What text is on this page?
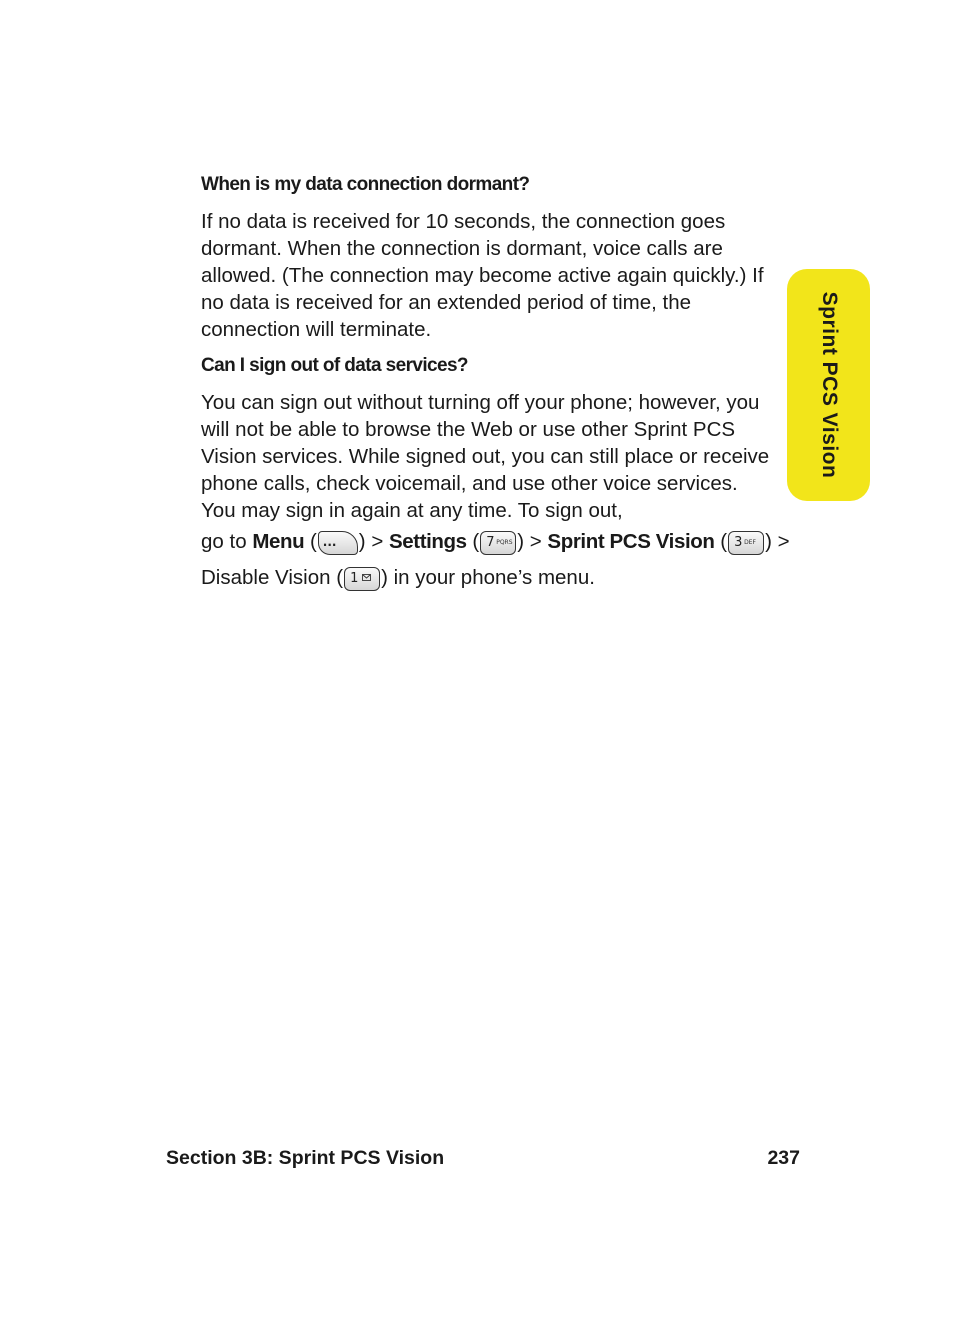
When is my data connection dormant?

If no data is received for 10 seconds, the connection goes dormant. When the connection is dormant, voice calls are allowed. (The connection may become active again quickly.) If no data is received for an extended period of time, the connection will terminate.

Can I sign out of data services?

You can sign out without turning off your phone; however, you will not be able to browse the Web or use other Sprint PCS Vision services. While signed out, you can still place or receive phone calls, check voicemail, and use other voice services. You may sign in again at any time. To sign out,

go to Menu ( ... ) > Settings ( 7 PQRS ) > Sprint PCS Vision ( 3 DEF ) >
Disable Vision ( 1 ) in your phone’s menu.
Sprint PCS Vision
Section 3B: Sprint PCS Vision	237
